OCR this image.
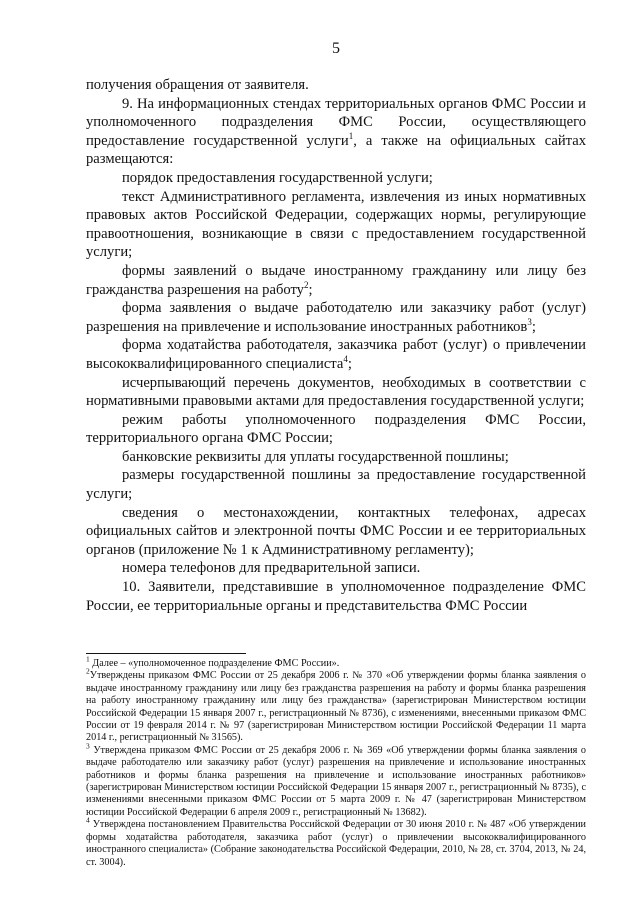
5

получения обращения от заявителя.

9. На информационных стендах территориальных органов ФМС России и уполномоченного подразделения ФМС России, осуществляющего предоставление государственной услуги$^1$, а также на официальных сайтах размещаются:

порядок предоставления государственной услуги;

текст Административного регламента, извлечения из иных нормативных правовых актов Российской Федерации, содержащих нормы, регулирующие правоотношения, возникающие в связи с предоставлением государственной услуги;

формы заявлений о выдаче иностранному гражданину или лицу без гражданства разрешения на работу$^2$;

форма заявления о выдаче работодателю или заказчику работ (услуг) разрешения на привлечение и использование иностранных работников$^3$;

форма ходатайства работодателя, заказчика работ (услуг) о привлечении высококвалифицированного специалиста$^4$;

исчерпывающий перечень документов, необходимых в соответствии с нормативными правовыми актами для предоставления государственной услуги;

режим работы уполномоченного подразделения ФМС России, территориального органа ФМС России;

банковские реквизиты для уплаты государственной пошлины;

размеры государственной пошлины за предоставление государственной услуги;

сведения о местонахождении, контактных телефонах, адресах официальных сайтов и электронной почты ФМС России и ее территориальных органов (приложение № 1 к Административному регламенту);

номера телефонов для предварительной записи.

10. Заявители, представившие в уполномоченное подразделение ФМС России, ее территориальные органы и представительства ФМС России

$^1$ Далее – «уполномоченное подразделение ФМС России».

$^2$Утверждены приказом ФМС России от 25 декабря 2006 г. № 370 «Об утверждении формы бланка заявления о выдаче иностранному гражданину или лицу без гражданства разрешения на работу и формы бланка разрешения на работу иностранному гражданину или лицу без гражданства» (зарегистрирован Министерством юстиции Российской Федерации 15 января 2007 г., регистрационный № 8736), с изменениями, внесенными приказом ФМС России от 19 февраля 2014 г. № 97 (зарегистрирован Министерством юстиции Российской Федерации 11 марта 2014 г., регистрационный № 31565).

$^3$ Утверждена приказом ФМС России от 25 декабря 2006 г. № 369 «Об утверждении формы бланка заявления о выдаче работодателю или заказчику работ (услуг) разрешения на привлечение и использование иностранных работников и формы бланка разрешения на привлечение и использование иностранных работников» (зарегистрирован Министерством юстиции Российской Федерации 15 января 2007 г., регистрационный № 8735), с изменениями внесенными приказом ФМС России от 5 марта 2009 г. № 47 (зарегистрирован Министерством юстиции Российской Федерации 6 апреля 2009 г., регистрационный № 13682).

$^4$ Утверждена постановлением Правительства Российской Федерации от 30 июня 2010 г. № 487 «Об утверждении формы ходатайства работодателя, заказчика работ (услуг) о привлечении высококвалифицированного иностранного специалиста» (Собрание законодательства Российской Федерации, 2010, № 28, ст. 3704, 2013, № 24, ст. 3004).
